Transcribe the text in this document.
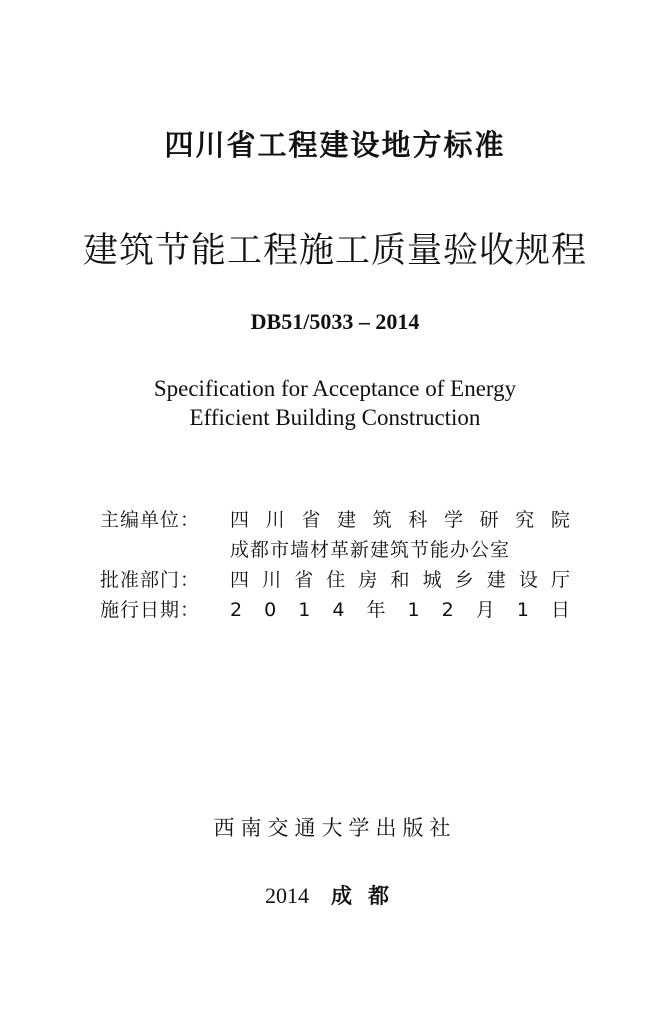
四川省工程建设地方标准
建筑节能工程施工质量验收规程
DB51/5033 – 2014
Specification for Acceptance of Energy
Efficient Building Construction
主编单位：	四 川 省 建 筑 科 学 研 究 院
成都市墙材革新建筑节能办公室
批准部门：	四 川 省 住 房 和 城 乡 建 设 厅
施行日期：	2 0 1 4 年 1 2 月 1 日
西南交通大学出版社
2014 成都
